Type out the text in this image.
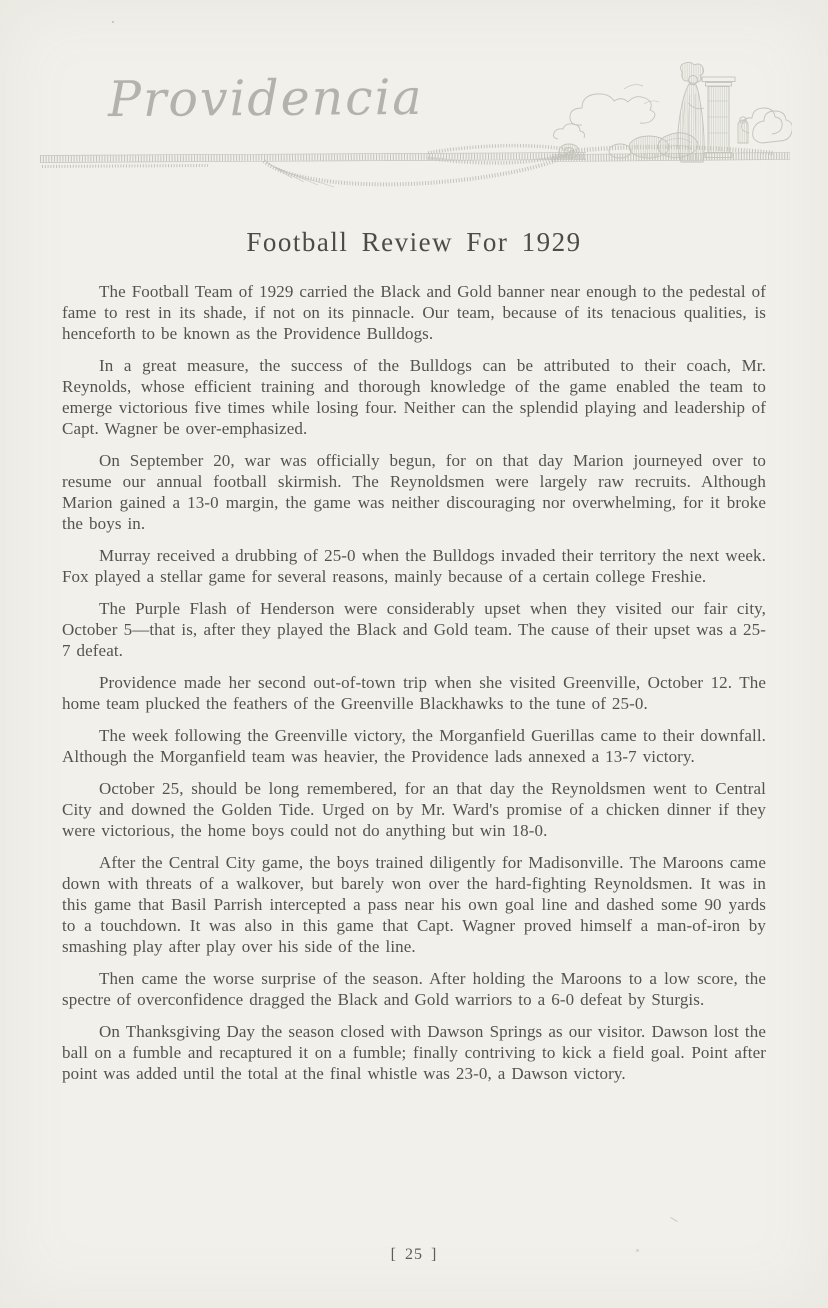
Providencia
Football Review For 1929

The Football Team of 1929 carried the Black and Gold banner near enough to the pedestal of fame to rest in its shade, if not on its pinnacle. Our team, because of its tenacious qualities, is henceforth to be known as the Providence Bulldogs.

In a great measure, the success of the Bulldogs can be attributed to their coach, Mr. Reynolds, whose efficient training and thorough knowledge of the game enabled the team to emerge victorious five times while losing four. Neither can the splendid playing and leadership of Capt. Wagner be over-emphasized.

On September 20, war was officially begun, for on that day Marion journeyed over to resume our annual football skirmish. The Reynoldsmen were largely raw recruits. Although Marion gained a 13-0 margin, the game was neither discouraging nor overwhelming, for it broke the boys in.

Murray received a drubbing of 25-0 when the Bulldogs invaded their territory the next week. Fox played a stellar game for several reasons, mainly because of a certain college Freshie.

The Purple Flash of Henderson were considerably upset when they visited our fair city, October 5—that is, after they played the Black and Gold team. The cause of their upset was a 25-7 defeat.

Providence made her second out-of-town trip when she visited Greenville, October 12. The home team plucked the feathers of the Greenville Blackhawks to the tune of 25-0.

The week following the Greenville victory, the Morganfield Guerillas came to their downfall. Although the Morganfield team was heavier, the Providence lads annexed a 13-7 victory.

October 25, should be long remembered, for an that day the Reynoldsmen went to Central City and downed the Golden Tide. Urged on by Mr. Ward's promise of a chicken dinner if they were victorious, the home boys could not do anything but win 18-0.

After the Central City game, the boys trained diligently for Madisonville. The Maroons came down with threats of a walkover, but barely won over the hard-fighting Reynoldsmen. It was in this game that Basil Parrish intercepted a pass near his own goal line and dashed some 90 yards to a touchdown. It was also in this game that Capt. Wagner proved himself a man-of-iron by smashing play after play over his side of the line.

Then came the worse surprise of the season. After holding the Maroons to a low score, the spectre of overconfidence dragged the Black and Gold warriors to a 6-0 defeat by Sturgis.

On Thanksgiving Day the season closed with Dawson Springs as our visitor. Dawson lost the ball on a fumble and recaptured it on a fumble; finally contriving to kick a field goal. Point after point was added until the total at the final whistle was 23-0, a Dawson victory.

[ 25 ]
